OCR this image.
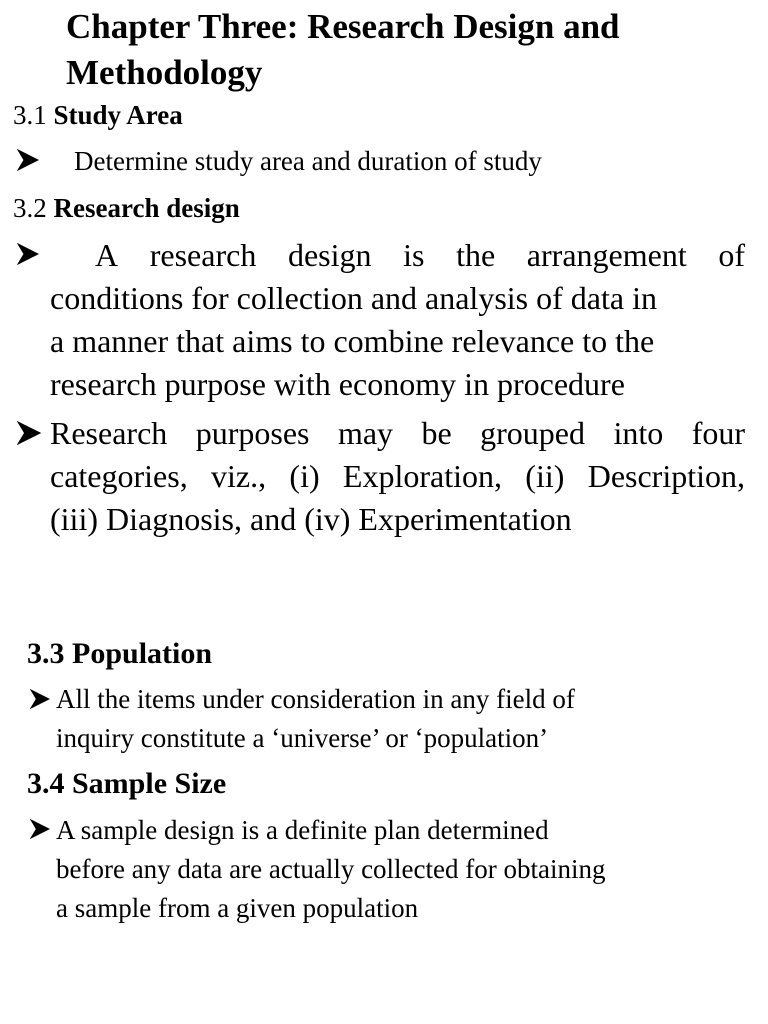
Chapter Three: Research Design and
Methodology
3.1 Study Area
Determine study area and duration of study
3.2 Research design
A research design is the arrangement of
conditions for collection and analysis of data in
a manner that aims to combine relevance to the
research purpose with economy in procedure
Research purposes may be grouped into four
categories, viz., (i) Exploration, (ii) Description,
(iii) Diagnosis, and (iv) Experimentation
3.3 Population
All the items under consideration in any field of
inquiry constitute a ‘universe’ or ‘population’
3.4 Sample Size
A sample design is a definite plan determined
before any data are actually collected for obtaining
a sample from a given population
